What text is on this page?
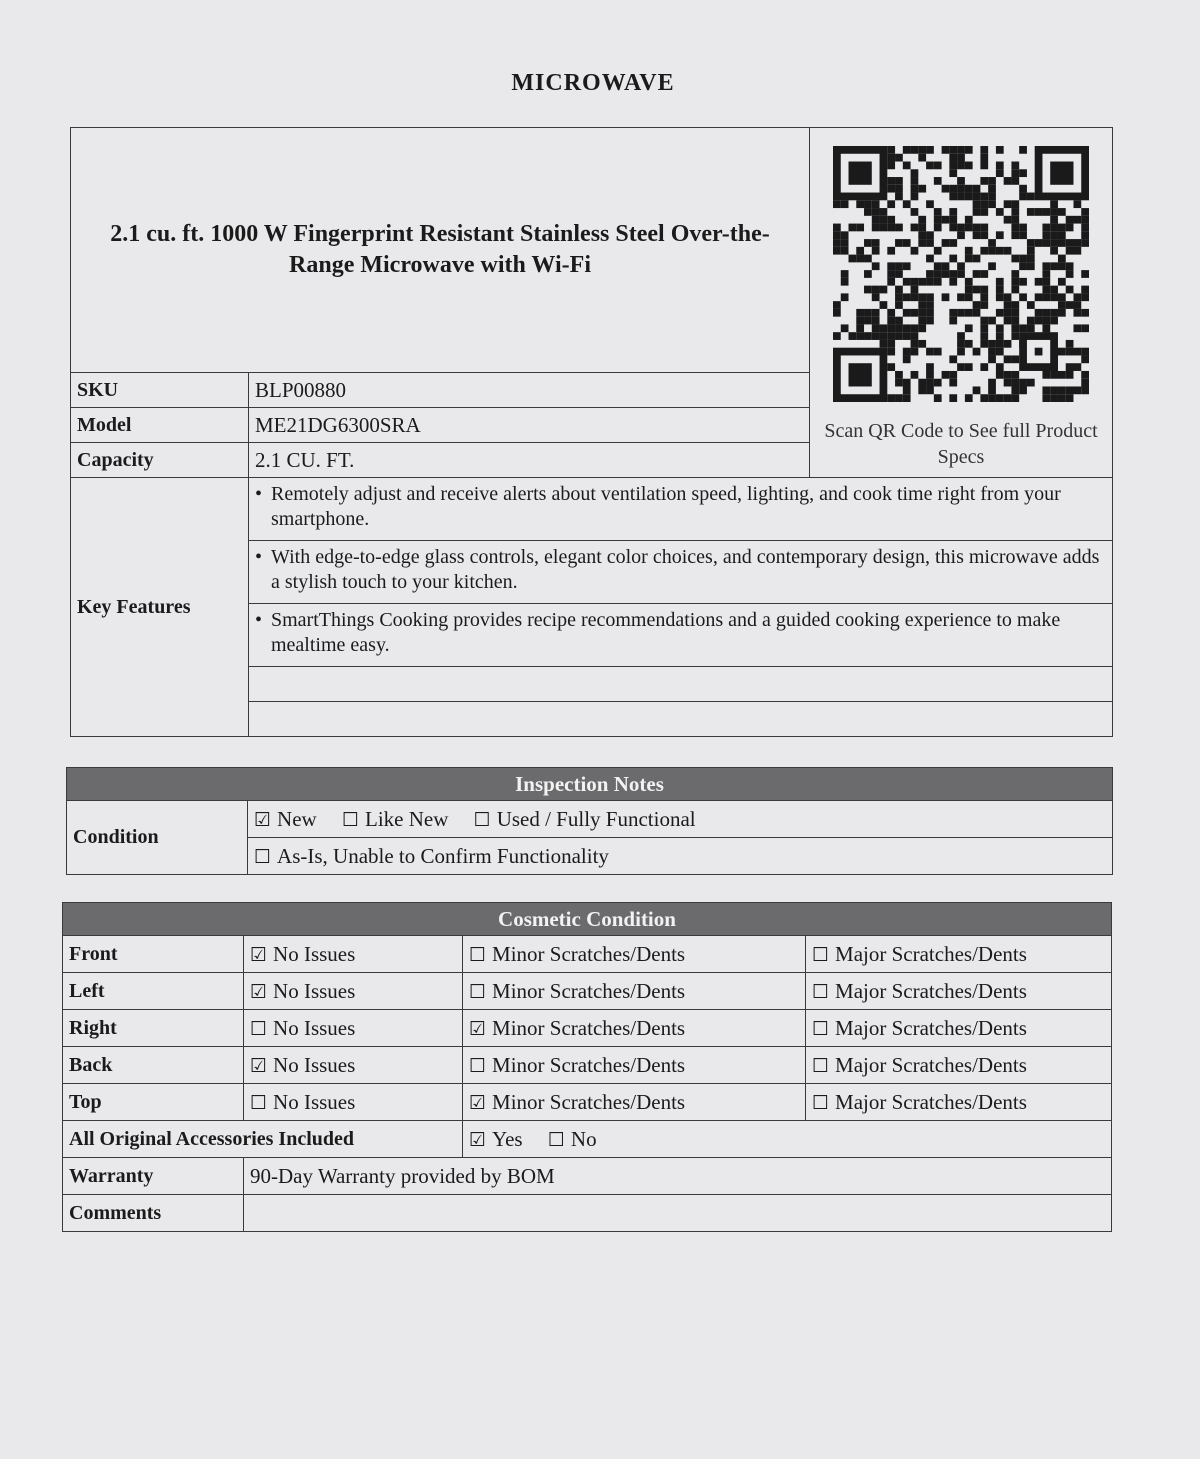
MICROWAVE
2.1 cu. ft. 1000 W Fingerprint Resistant Stainless Steel Over-the-Range Microwave with Wi-Fi		Scan QR Code to See full Product Specs

SKU	BLP00880	
Model	ME21DG6300SRA	
Capacity	2.1 CU. FT.	
Key Features	• Remotely adjust and receive alerts about ventilation speed, lighting, and cook time right from your smartphone.	

	• With edge-to-edge glass controls, elegant color choices, and contemporary design, this microwave adds a stylish touch to your kitchen.	

	• SmartThings Cooking provides recipe recommendations and a guided cooking experience to make mealtime easy.	

Inspection Notes
Condition	☑ New ☐ Like New ☐ Used / Fully Functional
☐ As-Is, Unable to Confirm Functionality
Cosmetic Condition			
Front	☑ No Issues	☐ Minor Scratches/Dents	☐ Major Scratches/Dents
Left	☑ No Issues	☐ Minor Scratches/Dents	☐ Major Scratches/Dents
Right	☐ No Issues	☑ Minor Scratches/Dents	☐ Major Scratches/Dents
Back	☑ No Issues	☐ Minor Scratches/Dents	☐ Major Scratches/Dents
Top	☐ No Issues	☑ Minor Scratches/Dents	☐ Major Scratches/Dents
All Original Accessories Included		☑ Yes ☐ No	
Warranty	90-Day Warranty provided by BOM		
Comments			
